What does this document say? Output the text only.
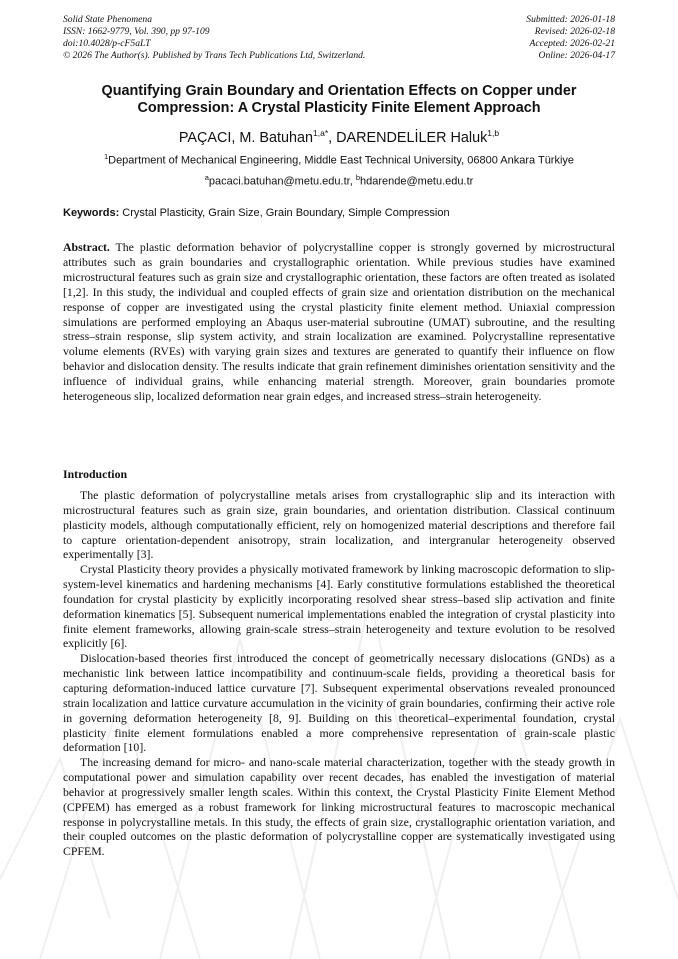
Solid State Phenomena
ISSN: 1662-9779, Vol. 390, pp 97-109
doi:10.4028/p-cF5aLT
© 2026 The Author(s). Published by Trans Tech Publications Ltd, Switzerland.
Submitted: 2026-01-18
Revised: 2026-02-18
Accepted: 2026-02-21
Online: 2026-04-17
Quantifying Grain Boundary and Orientation Effects on Copper under
Compression: A Crystal Plasticity Finite Element Approach
PAÇACI, M. Batuhan$^{1,a*}$, DARENDELİLER Haluk$^{1,b}$
$^1$Department of Mechanical Engineering, Middle East Technical University, 06800 Ankara Türkiye
$^a$pacaci.batuhan@metu.edu.tr, $^b$hdarende@metu.edu.tr
Keywords: Crystal Plasticity, Grain Size, Grain Boundary, Simple Compression
Abstract. The plastic deformation behavior of polycrystalline copper is strongly governed by microstructural attributes such as grain boundaries and crystallographic orientation. While previous studies have examined microstructural features such as grain size and crystallographic orientation, these factors are often treated as isolated [1,2]. In this study, the individual and coupled effects of grain size and orientation distribution on the mechanical response of copper are investigated using the crystal plasticity finite element method. Uniaxial compression simulations are performed employing an Abaqus user-material subroutine (UMAT) subroutine, and the resulting stress–strain response, slip system activity, and strain localization are examined. Polycrystalline representative volume elements (RVEs) with varying grain sizes and textures are generated to quantify their influence on flow behavior and dislocation density. The results indicate that grain refinement diminishes orientation sensitivity and the influence of individual grains, while enhancing material strength. Moreover, grain boundaries promote heterogeneous slip, localized deformation near grain edges, and increased stress–strain heterogeneity.
Introduction

The plastic deformation of polycrystalline metals arises from crystallographic slip and its interaction with microstructural features such as grain size, grain boundaries, and orientation distribution. Classical continuum plasticity models, although computationally efficient, rely on homogenized material descriptions and therefore fail to capture orientation-dependent anisotropy, strain localization, and intergranular heterogeneity observed experimentally [3].

Crystal Plasticity theory provides a physically motivated framework by linking macroscopic deformation to slip-system-level kinematics and hardening mechanisms [4]. Early constitutive formulations established the theoretical foundation for crystal plasticity by explicitly incorporating resolved shear stress–based slip activation and finite deformation kinematics [5]. Subsequent numerical implementations enabled the integration of crystal plasticity into finite element frameworks, allowing grain-scale stress–strain heterogeneity and texture evolution to be resolved explicitly [6].

Dislocation-based theories first introduced the concept of geometrically necessary dislocations (GNDs) as a mechanistic link between lattice incompatibility and continuum-scale fields, providing a theoretical basis for capturing deformation-induced lattice curvature [7]. Subsequent experimental observations revealed pronounced strain localization and lattice curvature accumulation in the vicinity of grain boundaries, confirming their active role in governing deformation heterogeneity [8, 9]. Building on this theoretical–experimental foundation, crystal plasticity finite element formulations enabled a more comprehensive representation of grain-scale plastic deformation [10].

The increasing demand for micro- and nano-scale material characterization, together with the steady growth in computational power and simulation capability over recent decades, has enabled the investigation of material behavior at progressively smaller length scales. Within this context, the Crystal Plasticity Finite Element Method (CPFEM) has emerged as a robust framework for linking microstructural features to macroscopic mechanical response in polycrystalline metals. In this study, the effects of grain size, crystallographic orientation variation, and their coupled outcomes on the plastic deformation of polycrystalline copper are systematically investigated using CPFEM.
